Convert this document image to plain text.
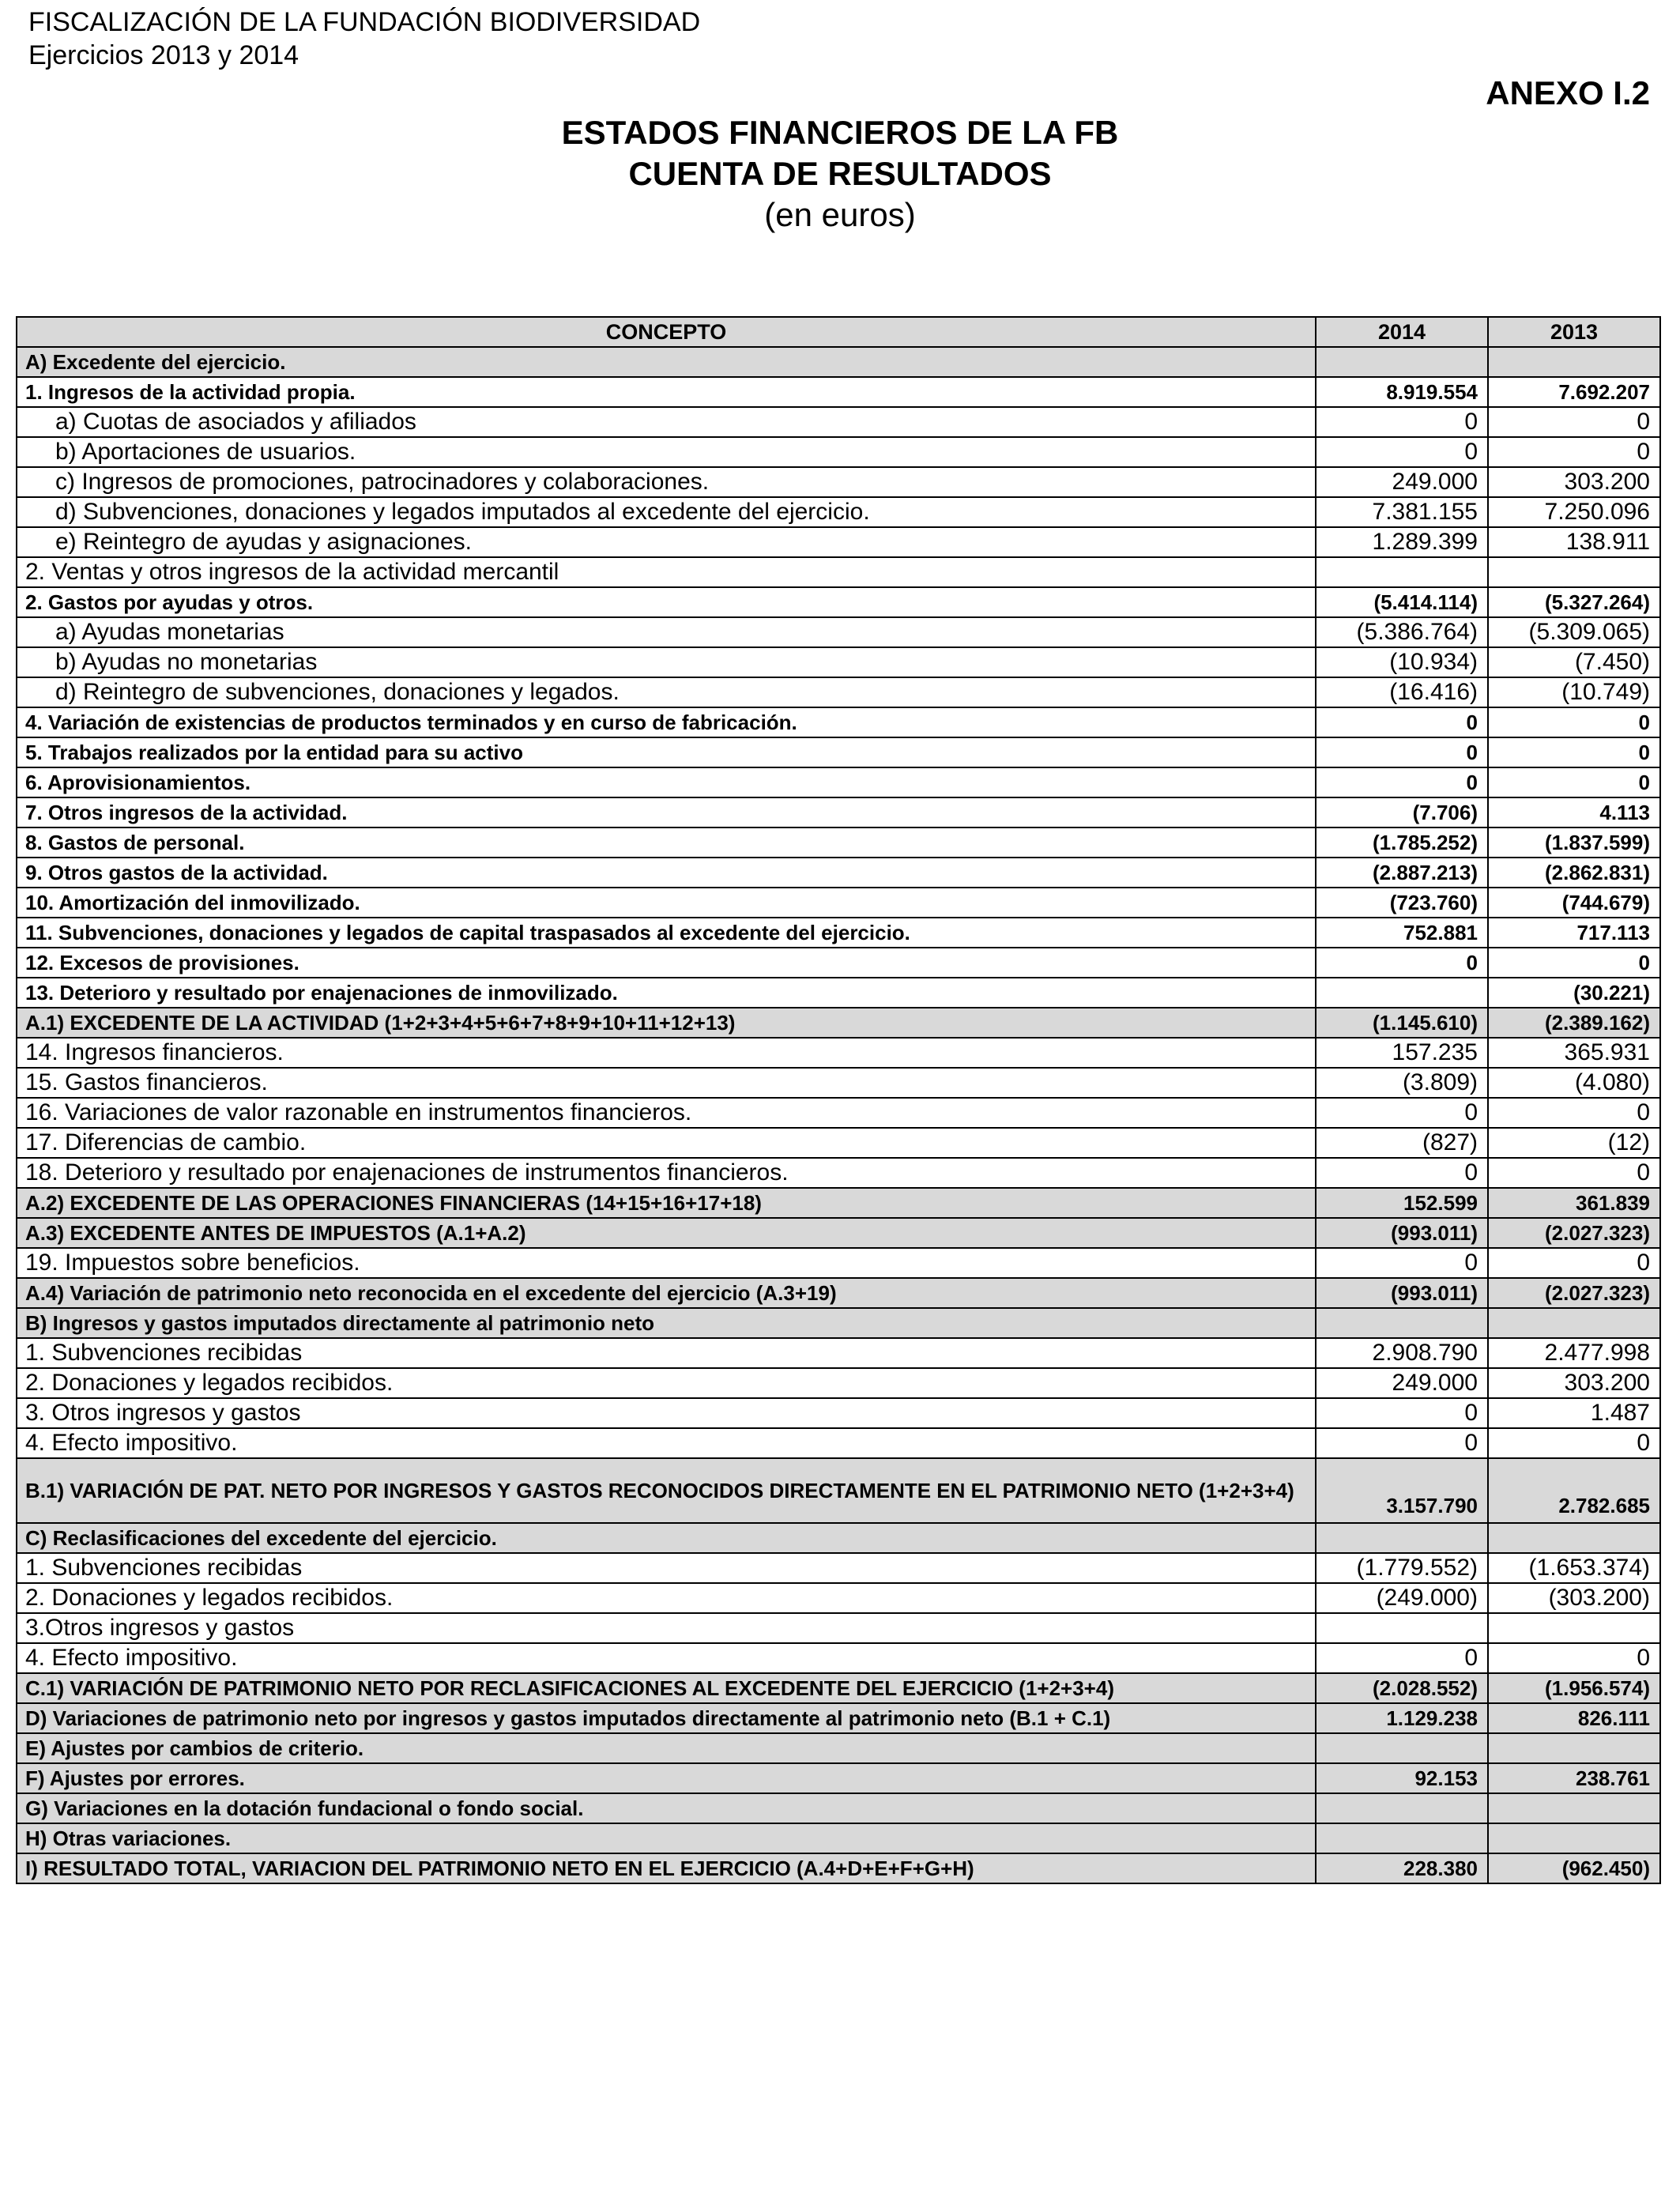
FISCALIZACIÓN DE LA FUNDACIÓN BIODIVERSIDAD
Ejercicios 2013 y 2014
ANEXO I.2
ESTADOS FINANCIEROS DE LA FB
CUENTA DE RESULTADOS
(en euros)
CONCEPTO	2014	2013
A) Excedente del ejercicio.		
1. Ingresos de la actividad propia.	8.919.554	7.692.207
a) Cuotas de asociados y afiliados	0	0
b) Aportaciones de usuarios.	0	0
c) Ingresos de promociones, patrocinadores y colaboraciones.	249.000	303.200
d) Subvenciones, donaciones y legados imputados al excedente del ejercicio.	7.381.155	7.250.096
e) Reintegro de ayudas y asignaciones.	1.289.399	138.911
2. Ventas y otros ingresos de la actividad mercantil		
2. Gastos por ayudas y otros.	(5.414.114)	(5.327.264)
a) Ayudas monetarias	(5.386.764)	(5.309.065)
b) Ayudas no monetarias	(10.934)	(7.450)
d) Reintegro de subvenciones, donaciones y legados.	(16.416)	(10.749)
4. Variación de existencias de productos terminados y en curso de fabricación.	0	0
5. Trabajos realizados por la entidad para su activo	0	0
6. Aprovisionamientos.	0	0
7. Otros ingresos de la actividad.	(7.706)	4.113
8. Gastos de personal.	(1.785.252)	(1.837.599)
9. Otros gastos de la actividad.	(2.887.213)	(2.862.831)
10. Amortización del inmovilizado.	(723.760)	(744.679)
11. Subvenciones, donaciones y legados de capital traspasados al excedente del ejercicio.	752.881	717.113
12. Excesos de provisiones.	0	0
13. Deterioro y resultado por enajenaciones de inmovilizado.		(30.221)
A.1) EXCEDENTE DE LA ACTIVIDAD (1+2+3+4+5+6+7+8+9+10+11+12+13)	(1.145.610)	(2.389.162)
14. Ingresos financieros.	157.235	365.931
15. Gastos financieros.	(3.809)	(4.080)
16. Variaciones de valor razonable en instrumentos financieros.	0	0
17. Diferencias de cambio.	(827)	(12)
18. Deterioro y resultado por enajenaciones de instrumentos financieros.	0	0
A.2) EXCEDENTE DE LAS OPERACIONES FINANCIERAS (14+15+16+17+18)	152.599	361.839
A.3) EXCEDENTE ANTES DE IMPUESTOS (A.1+A.2)	(993.011)	(2.027.323)
19. Impuestos sobre beneficios.	0	0
A.4) Variación de patrimonio neto reconocida en el excedente del ejercicio (A.3+19)	(993.011)	(2.027.323)
B) Ingresos y gastos imputados directamente al patrimonio neto		
1. Subvenciones recibidas	2.908.790	2.477.998
2. Donaciones y legados recibidos.	249.000	303.200
3. Otros ingresos y gastos	0	1.487
4. Efecto impositivo.	0	0
B.1) VARIACIÓN DE PAT. NETO POR INGRESOS Y GASTOS RECONOCIDOS DIRECTAMENTE EN EL PATRIMONIO NETO (1+2+3+4)	3.157.790	2.782.685
C) Reclasificaciones del excedente del ejercicio.		
1. Subvenciones recibidas	(1.779.552)	(1.653.374)
2. Donaciones y legados recibidos.	(249.000)	(303.200)
3.Otros ingresos y gastos		
4. Efecto impositivo.	0	0
C.1) VARIACIÓN DE PATRIMONIO NETO POR RECLASIFICACIONES AL EXCEDENTE DEL EJERCICIO (1+2+3+4)	(2.028.552)	(1.956.574)
D) Variaciones de patrimonio neto por ingresos y gastos imputados directamente al patrimonio neto (B.1 + C.1)	1.129.238	826.111
E) Ajustes por cambios de criterio.		
F) Ajustes por errores.	92.153	238.761
G) Variaciones en la dotación fundacional o fondo social.		
H) Otras variaciones.		
I) RESULTADO TOTAL, VARIACION DEL PATRIMONIO NETO EN EL EJERCICIO (A.4+D+E+F+G+H)	228.380	(962.450)
